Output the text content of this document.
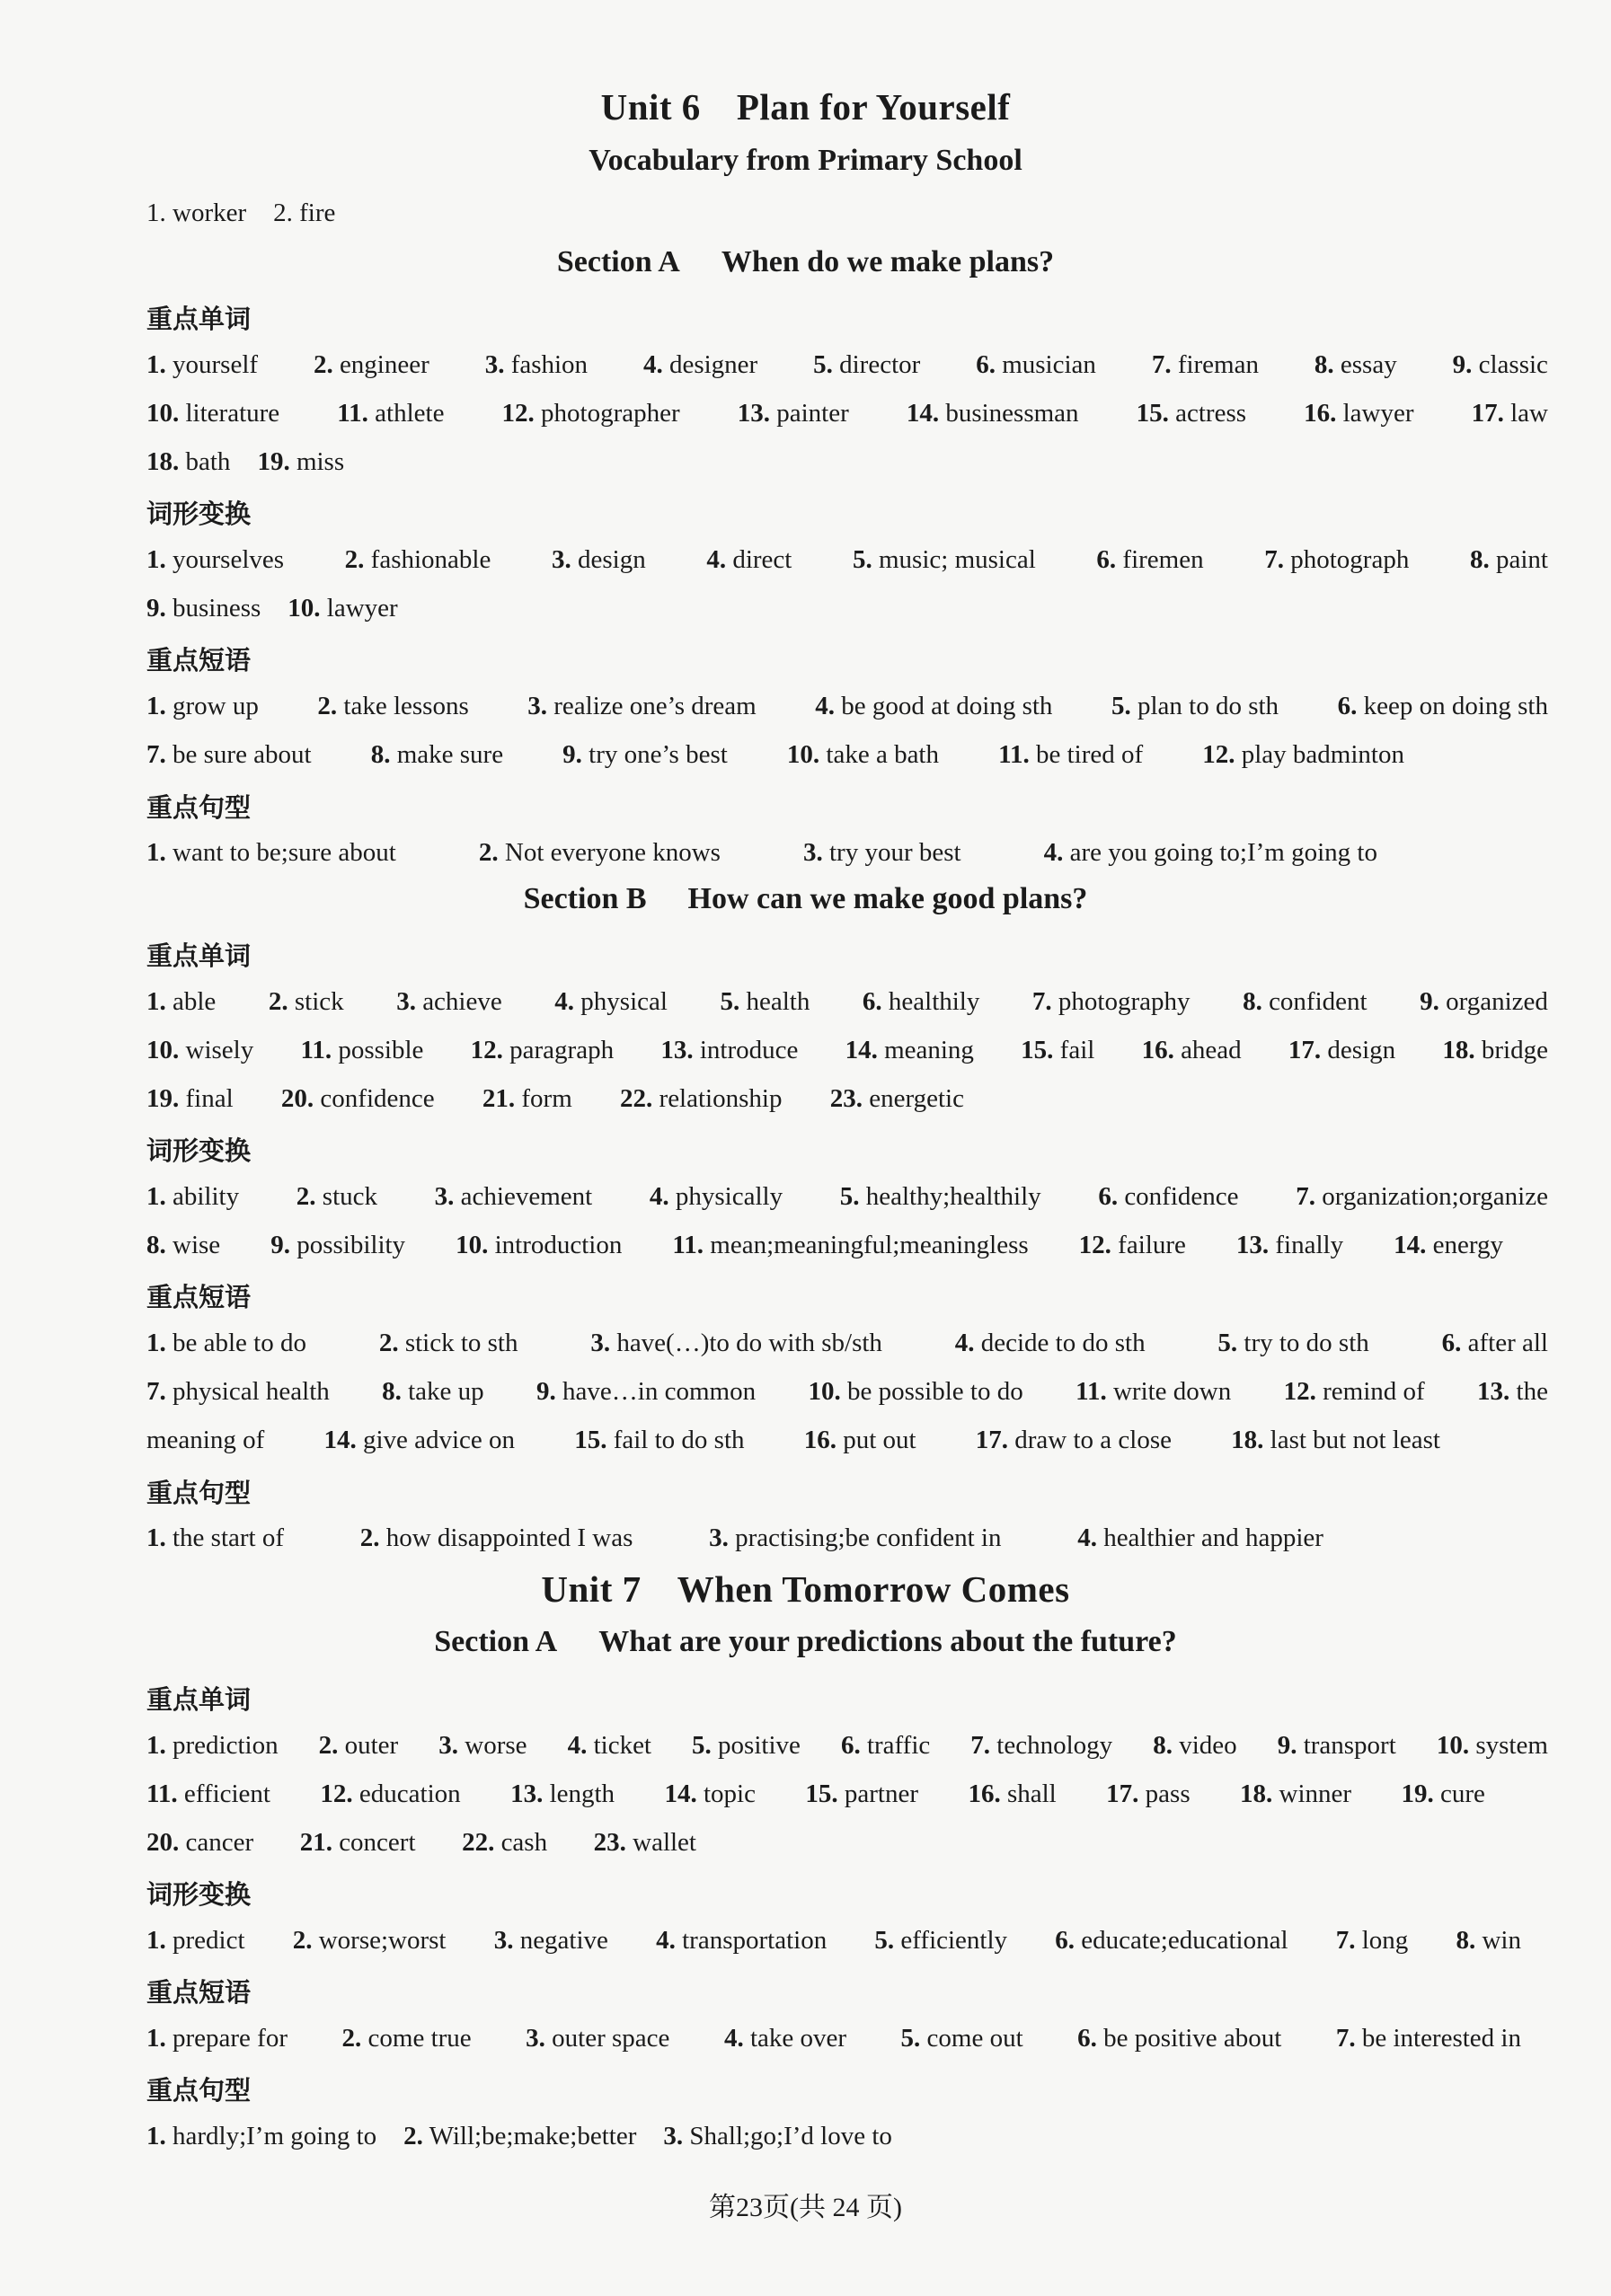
Unit 6 Plan for Yourself
Vocabulary from Primary School
1. worker 2. fire
Section A When do we make plans?
重点单词
1. yourself 2. engineer 3. fashion 4. designer 5. director 6. musician 7. fireman 8. essay 9. classic
10. literature 11. athlete 12. photographer 13. painter 14. businessman 15. actress 16. lawyer 17. law
18. bath 19. miss
词形变换
1. yourselves 2. fashionable 3. design 4. direct 5. music; musical 6. firemen 7. photograph 8. paint
9. business 10. lawyer
重点短语
1. grow up 2. take lessons 3. realize one’s dream 4. be good at doing sth 5. plan to do sth 6. keep on doing sth
7. be sure about 8. make sure 9. try one’s best 10. take a bath 11. be tired of 12. play badminton
重点句型
1. want to be;sure about	2. Not everyone knows	3. try your best	4. are you going to;I’m going to
Section B How can we make good plans?
重点单词
1. able 2. stick 3. achieve 4. physical 5. health 6. healthily 7. photography 8. confident 9. organized
10. wisely 11. possible 12. paragraph 13. introduce 14. meaning 15. fail 16. ahead 17. design 18. bridge
19. final 20. confidence 21. form 22. relationship 23. energetic
词形变换
1. ability 2. stuck 3. achievement 4. physically 5. healthy;healthily 6. confidence 7. organization;organize
8. wise 9. possibility 10. introduction 11. mean;meaningful;meaningless 12. failure 13. finally 14. energy
重点短语
1. be able to do	2. stick to sth	3. have(…)to do with sb/sth	4. decide to do sth	5. try to do sth	6. after all
7. physical health 8. take up 9. have…in common 10. be possible to do 11. write down 12. remind of 13. the
meaning of 14. give advice on 15. fail to do sth 16. put out 17. draw to a close 18. last but not least
重点句型
1. the start of	2. how disappointed I was	3. practising;be confident in	4. healthier and happier
Unit 7 When Tomorrow Comes
Section A What are your predictions about the future?
重点单词
1. prediction 2. outer 3. worse 4. ticket 5. positive 6. traffic 7. technology 8. video 9. transport 10. system
11. efficient 12. education 13. length 14. topic 15. partner 16. shall 17. pass 18. winner 19. cure
20. cancer 21. concert 22. cash 23. wallet
词形变换
1. predict 2. worse;worst 3. negative 4. transportation 5. efficiently 6. educate;educational 7. long 8. win
重点短语
1. prepare for 2. come true 3. outer space 4. take over 5. come out 6. be positive about 7. be interested in
重点句型
1. hardly;I’m going to 2. Will;be;make;better 3. Shall;go;I’d love to
第23页(共 24 页)
